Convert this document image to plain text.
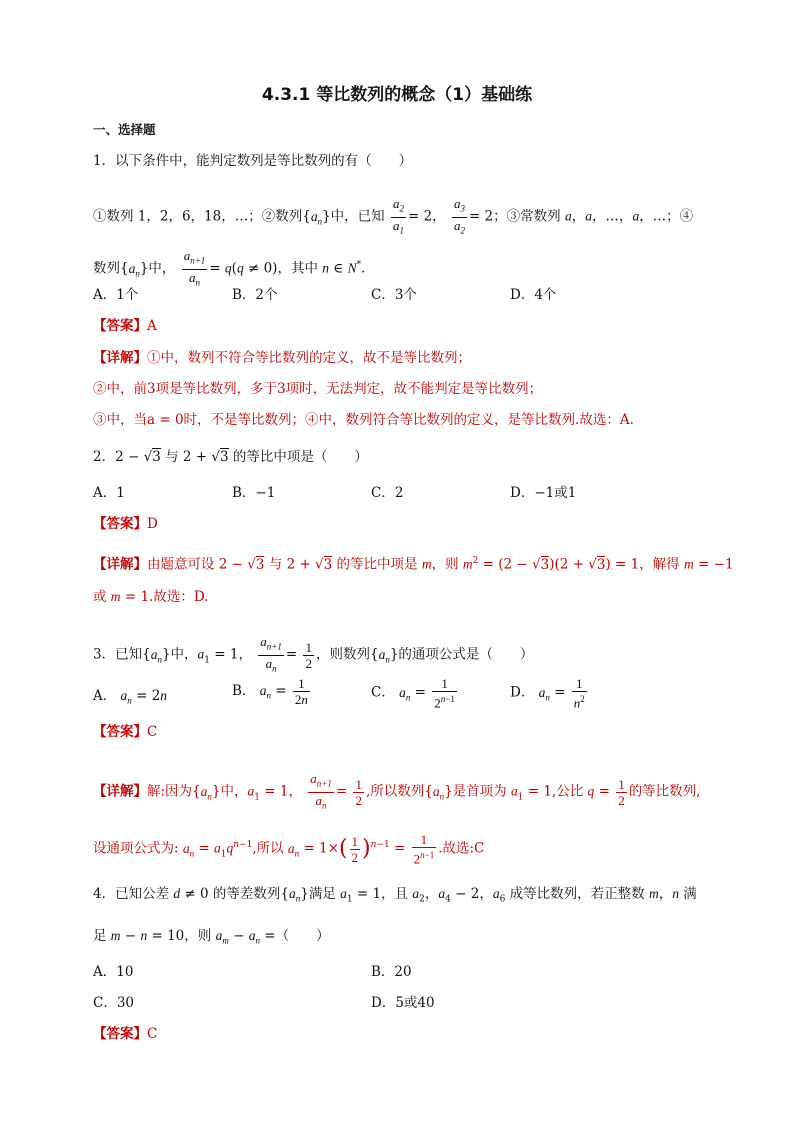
4.3.1 等比数列的概念（1）基础练
一、选择题
1．以下条件中，能判定数列是等比数列的有（　　）
①数列 1，2，6，18，…；②数列$\{a_n\}$中，已知 $\frac{a_2}{a_1} = 2$， $\frac{a_3}{a_2} = 2$；③常数列 a，a，…，a，…；④
数列$\{a_n\}$中， $\frac{a_{n+1}}{a_n} = q(q \ne 0)$，其中 n ∈ N*．
A．1个	B．2个	C．3个	D．4个
【答案】A
【详解】①中，数列不符合等比数列的定义，故不是等比数列；
②中，前3项是等比数列，多于3项时，无法判定，故不能判定是等比数列；
③中，当a = 0时，不是等比数列；④中，数列符合等比数列的定义，是等比数列.故选：A.
2．2 − √3 与 2 + √3 的等比中项是（　　）
A．1	B．−1	C．2	D．−1或1
【答案】D
【详解】由题意可设 2 − √3 与 2 + √3 的等比中项是 m，则 $m^2 = (2 - √3)(2 + √3) = 1$，解得 m = −1
或 m = 1.故选：D.
3．已知$\{a_n\}$中，$a_1 = 1$， $\frac{a_{n+1}}{a_n} = \frac{1}{2}$ ，则数列$\{a_n\}$的通项公式是（　　）
A． $a_n = 2n$	B． $a_n = \frac{1}{2n}$	C． $a_n = \frac{1}{2^{n-1}}$	D． $a_n = \frac{1}{n^2}$
【答案】C
【详解】解:因为$\{a_n\}$中，$a_1 = 1$， $\frac{a_{n+1}}{a_n} = \frac{1}{2}$ ,所以数列$\{a_n\}$是首项为 $a_1 = 1$,公比 $q = \frac{1}{2}$ 的等比数列,
设通项公式为: $a_n = a_1q^{n-1}$,所以 $a_n = 1\times( \frac{1}{2} )^{n-1} = \frac{1}{2^{n-1}}$ .故选:C
4．已知公差 d ≠ 0 的等差数列$\{a_n\}$满足 $a_1 = 1$，且 $a_2$，$a_4 - 2$，$a_6$ 成等比数列，若正整数 m，n 满
足 m − n = 10，则 $a_m - a_n$ =（　　）
A．10	B．20
C．30	D．5或40
【答案】C
